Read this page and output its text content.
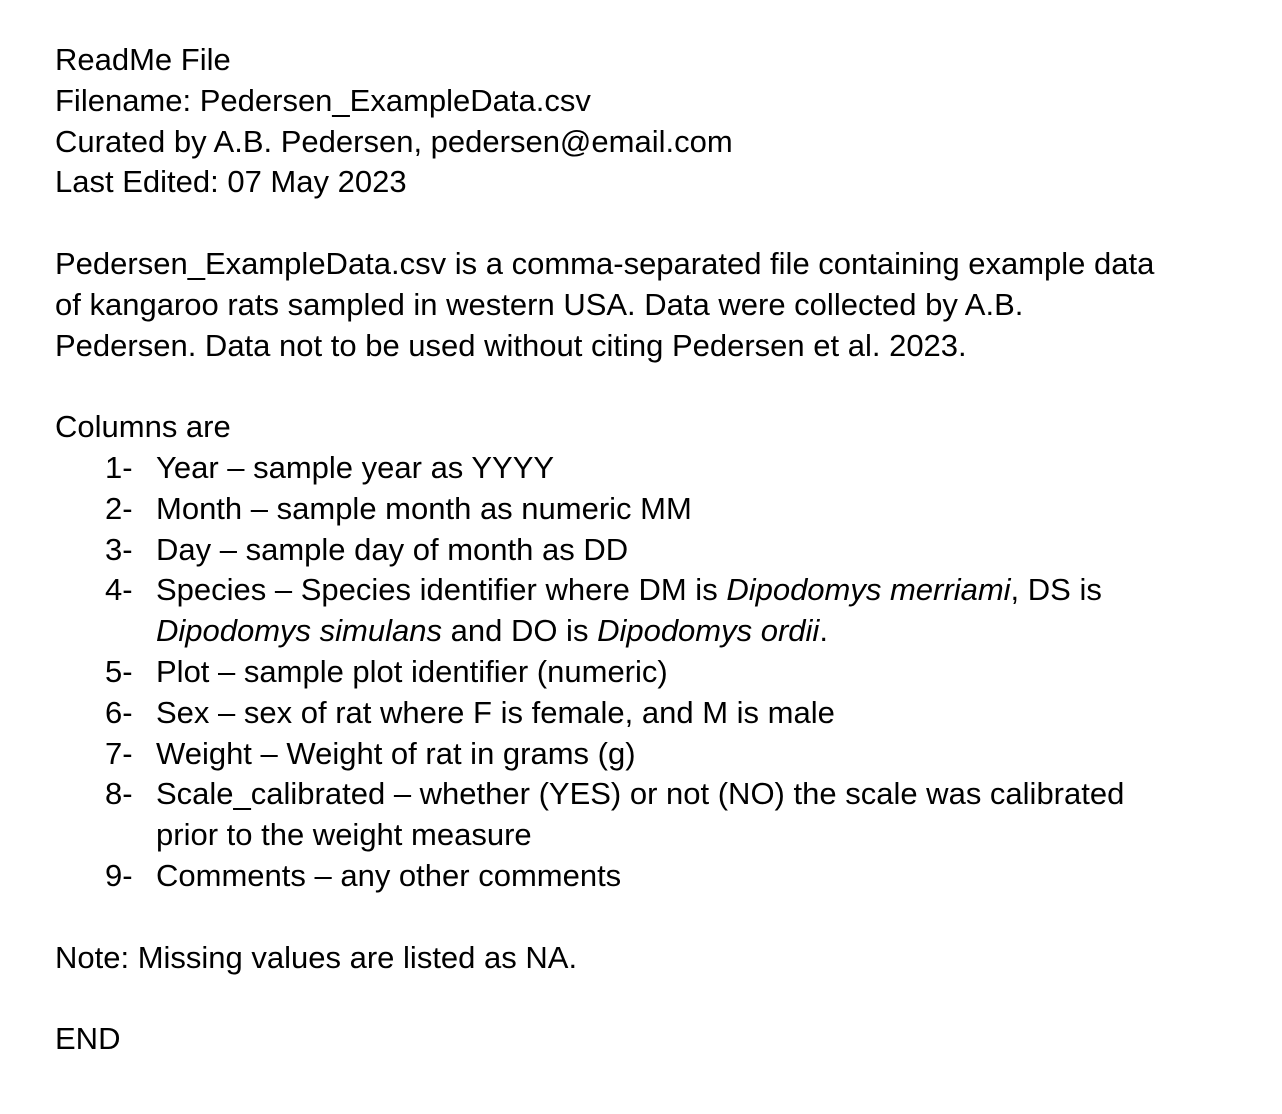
ReadMe File
Filename: Pedersen_ExampleData.csv
Curated by A.B. Pedersen, pedersen@email.com
Last Edited: 07 May 2023
Pedersen_ExampleData.csv is a comma-separated file containing example data
of kangaroo rats sampled in western USA. Data were collected by A.B.
Pedersen. Data not to be used without citing Pedersen et al. 2023.
Columns are
1- Year – sample year as YYYY
2- Month – sample month as numeric MM
3- Day – sample day of month as DD
4- Species – Species identifier where DM is Dipodomys merriami, DS is
Dipodomys simulans and DO is Dipodomys ordii.
5- Plot – sample plot identifier (numeric)
6- Sex – sex of rat where F is female, and M is male
7- Weight – Weight of rat in grams (g)
8- Scale_calibrated – whether (YES) or not (NO) the scale was calibrated
prior to the weight measure
9- Comments – any other comments
Note: Missing values are listed as NA.
END
